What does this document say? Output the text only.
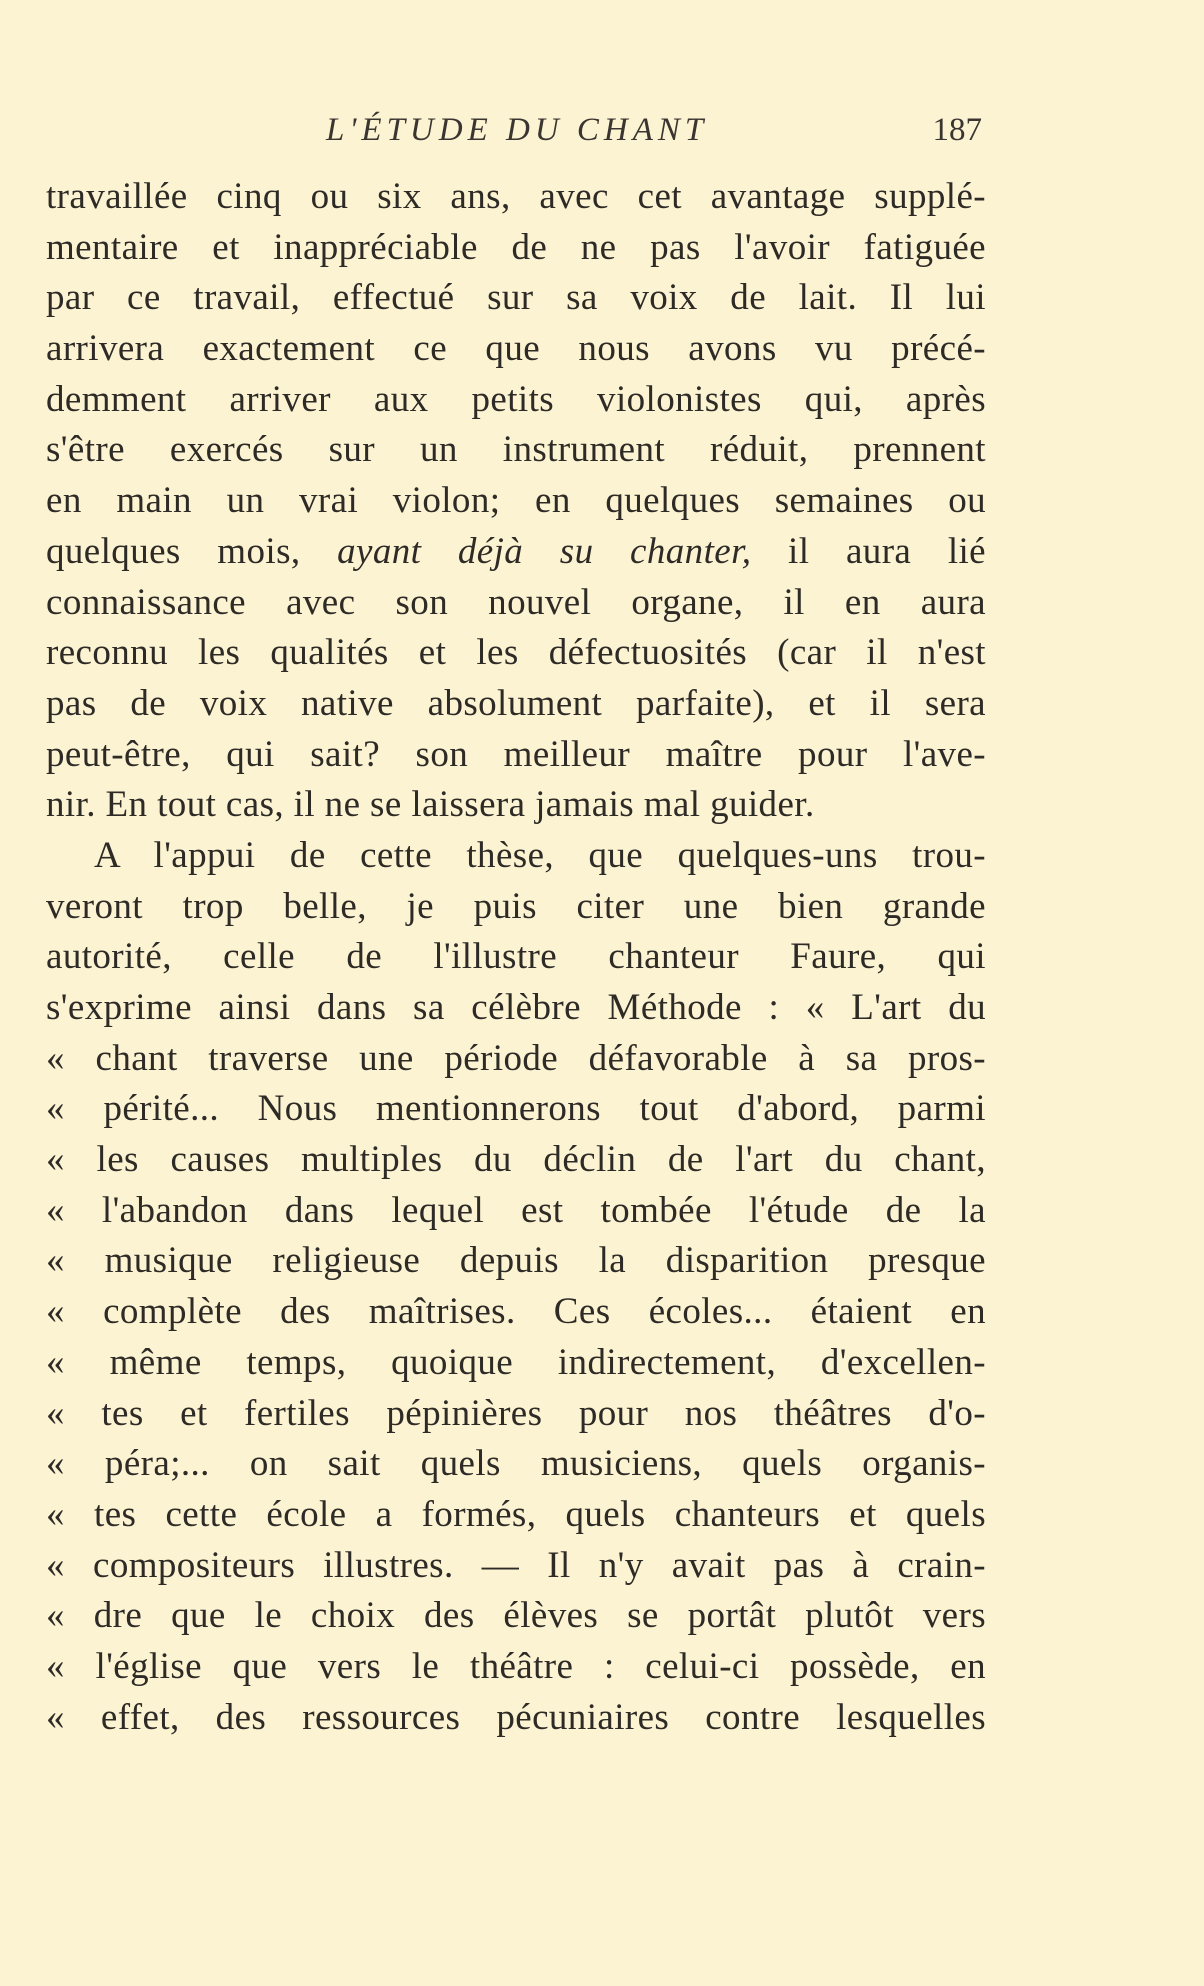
L'ÉTUDE DU CHANT	187
travaillée cinq ou six ans, avec cet avantage supplé-
mentaire et inappréciable de ne pas l'avoir fatiguée
par ce travail, effectué sur sa voix de lait. Il lui
arrivera exactement ce que nous avons vu précé-
demment arriver aux petits violonistes qui, après
s'être exercés sur un instrument réduit, prennent
en main un vrai violon; en quelques semaines ou
quelques mois, ayant déjà su chanter, il aura lié
connaissance avec son nouvel organe, il en aura
reconnu les qualités et les défectuosités (car il n'est
pas de voix native absolument parfaite), et il sera
peut-être, qui sait? son meilleur maître pour l'ave-
nir. En tout cas, il ne se laissera jamais mal guider.
A l'appui de cette thèse, que quelques-uns trou-
veront trop belle, je puis citer une bien grande
autorité, celle de l'illustre chanteur Faure, qui
s'exprime ainsi dans sa célèbre Méthode : « L'art du
« chant traverse une période défavorable à sa pros-
« périté... Nous mentionnerons tout d'abord, parmi
« les causes multiples du déclin de l'art du chant,
« l'abandon dans lequel est tombée l'étude de la
« musique religieuse depuis la disparition presque
« complète des maîtrises. Ces écoles... étaient en
« même temps, quoique indirectement, d'excellen-
« tes et fertiles pépinières pour nos théâtres d'o-
« péra;... on sait quels musiciens, quels organis-
« tes cette école a formés, quels chanteurs et quels
« compositeurs illustres. — Il n'y avait pas à crain-
« dre que le choix des élèves se portât plutôt vers
« l'église que vers le théâtre : celui-ci possède, en
« effet, des ressources pécuniaires contre lesquelles
